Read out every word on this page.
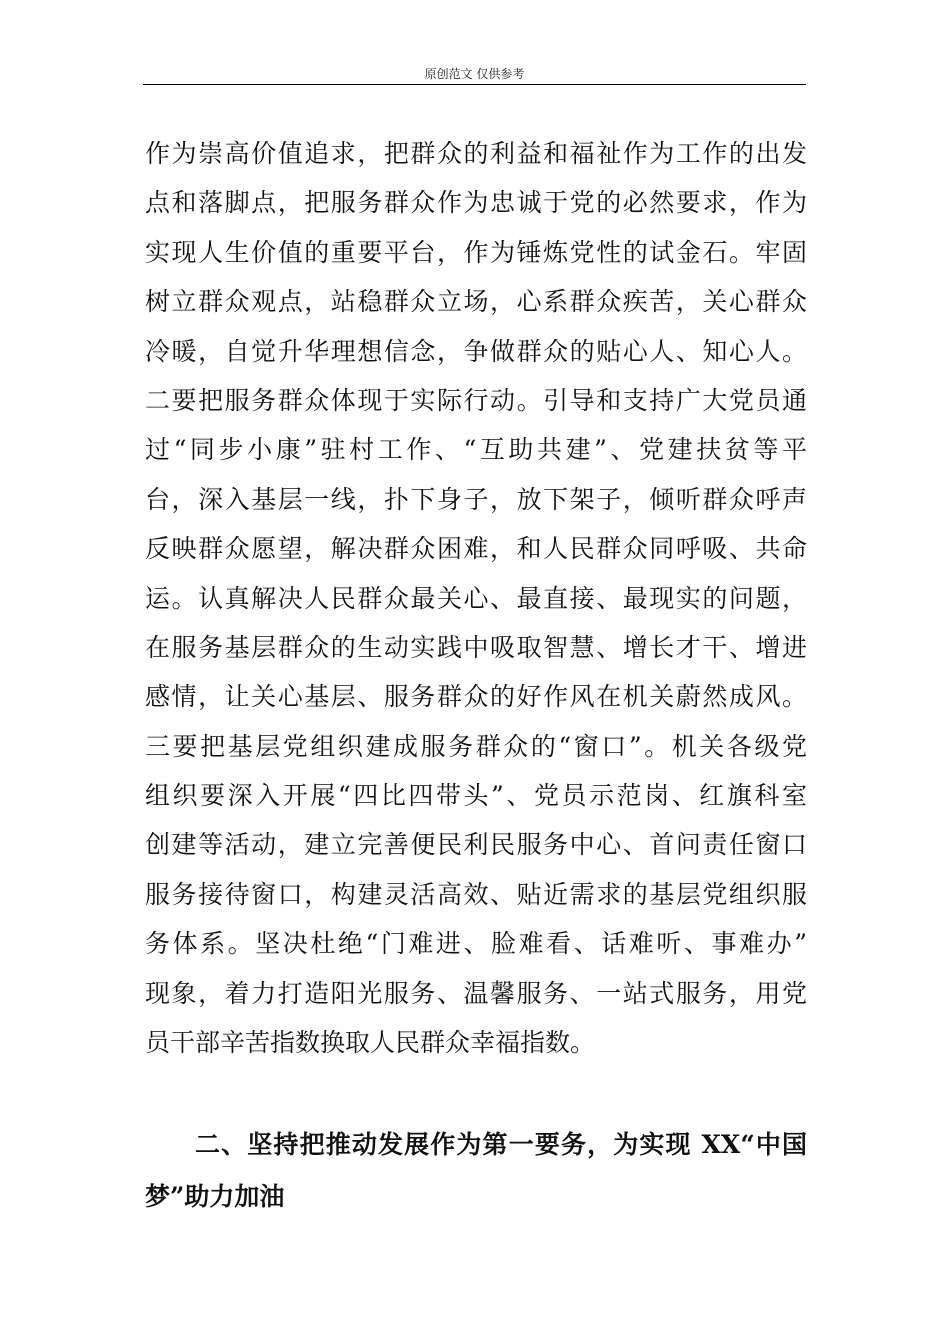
原创范文 仅供参考
作为崇高价值追求，把群众的利益和福祉作为工作的出发
点和落脚点，把服务群众作为忠诚于党的必然要求，作为
实现人生价值的重要平台，作为锤炼党性的试金石。牢固
树立群众观点，站稳群众立场，心系群众疾苦，关心群众
冷暖，自觉升华理想信念，争做群众的贴心人、知心人。
二要把服务群众体现于实际行动。引导和支持广大党员通
过“同步小康”驻村工作、“互助共建”、党建扶贫等平
台，深入基层一线，扑下身子，放下架子，倾听群众呼声
反映群众愿望，解决群众困难，和人民群众同呼吸、共命
运。认真解决人民群众最关心、最直接、最现实的问题，
在服务基层群众的生动实践中吸取智慧、增长才干、增进
感情，让关心基层、服务群众的好作风在机关蔚然成风。
三要把基层党组织建成服务群众的“窗口”。机关各级党
组织要深入开展“四比四带头”、党员示范岗、红旗科室
创建等活动，建立完善便民利民服务中心、首问责任窗口
服务接待窗口，构建灵活高效、贴近需求的基层党组织服
务体系。坚决杜绝“门难进、脸难看、话难听、事难办”
现象，着力打造阳光服务、温馨服务、一站式服务，用党
员干部辛苦指数换取人民群众幸福指数。
二、坚持把推动发展作为第一要务，为实现 XX“中国
梦”助力加油
